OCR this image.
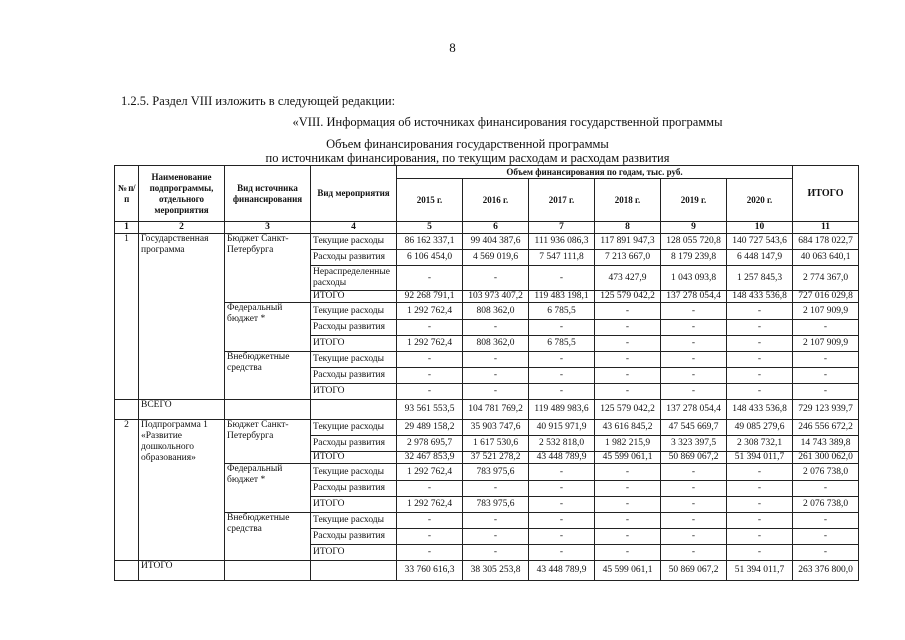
8
1.2.5. Раздел VIII изложить в следующей редакции:
«VIII. Информация об источниках финансирования государственной программы
Объем финансирования государственной программы
по источникам финансирования, по текущим расходам и расходам развития
№ п/п	Наименование подпрограммы, отдельного мероприятия	Вид источника финансирования	Вид мероприятия	Объем финансирования по годам, тыс. руб.						ИТОГО
				2015 г.	2016 г.	2017 г.	2018 г.	2019 г.	2020 г.	
1	2	3	4	5	6	7	8	9	10	11
1	Государственная программа	Бюджет Санкт-Петербурга	Текущие расходы	86 162 337,1	99 404 387,6	111 936 086,3	117 891 947,3	128 055 720,8	140 727 543,6	684 178 022,7
			Расходы развития	6 106 454,0	4 569 019,6	7 547 111,8	7 213 667,0	8 179 239,8	6 448 147,9	40 063 640,1
			Нераспределенные расходы	-	-	-	473 427,9	1 043 093,8	1 257 845,3	2 774 367,0
			ИТОГО	92 268 791,1	103 973 407,2	119 483 198,1	125 579 042,2	137 278 054,4	148 433 536,8	727 016 029,8
		Федеральный бюджет *	Текущие расходы	1 292 762,4	808 362,0	6 785,5	-	-	-	2 107 909,9
			Расходы развития	-	-	-	-	-	-	-
			ИТОГО	1 292 762,4	808 362,0	6 785,5	-	-	-	2 107 909,9
		Внебюджетные средства	Текущие расходы	-	-	-	-	-	-	-
			Расходы развития	-	-	-	-	-	-	-
			ИТОГО	-	-	-	-	-	-	-
	ВСЕГО			93 561 553,5	104 781 769,2	119 489 983,6	125 579 042,2	137 278 054,4	148 433 536,8	729 123 939,7
2	Подпрограмма 1 «Развитие дошкольного образования»	Бюджет Санкт-Петербурга	Текущие расходы	29 489 158,2	35 903 747,6	40 915 971,9	43 616 845,2	47 545 669,7	49 085 279,6	246 556 672,2
			Расходы развития	2 978 695,7	1 617 530,6	2 532 818,0	1 982 215,9	3 323 397,5	2 308 732,1	14 743 389,8
			ИТОГО	32 467 853,9	37 521 278,2	43 448 789,9	45 599 061,1	50 869 067,2	51 394 011,7	261 300 062,0
		Федеральный бюджет *	Текущие расходы	1 292 762,4	783 975,6	-	-	-	-	2 076 738,0
			Расходы развития	-	-	-	-	-	-	-
			ИТОГО	1 292 762,4	783 975,6	-	-	-	-	2 076 738,0
		Внебюджетные средства	Текущие расходы	-	-	-	-	-	-	-
			Расходы развития	-	-	-	-	-	-	-
			ИТОГО	-	-	-	-	-	-	-
	ИТОГО			33 760 616,3	38 305 253,8	43 448 789,9	45 599 061,1	50 869 067,2	51 394 011,7	263 376 800,0
